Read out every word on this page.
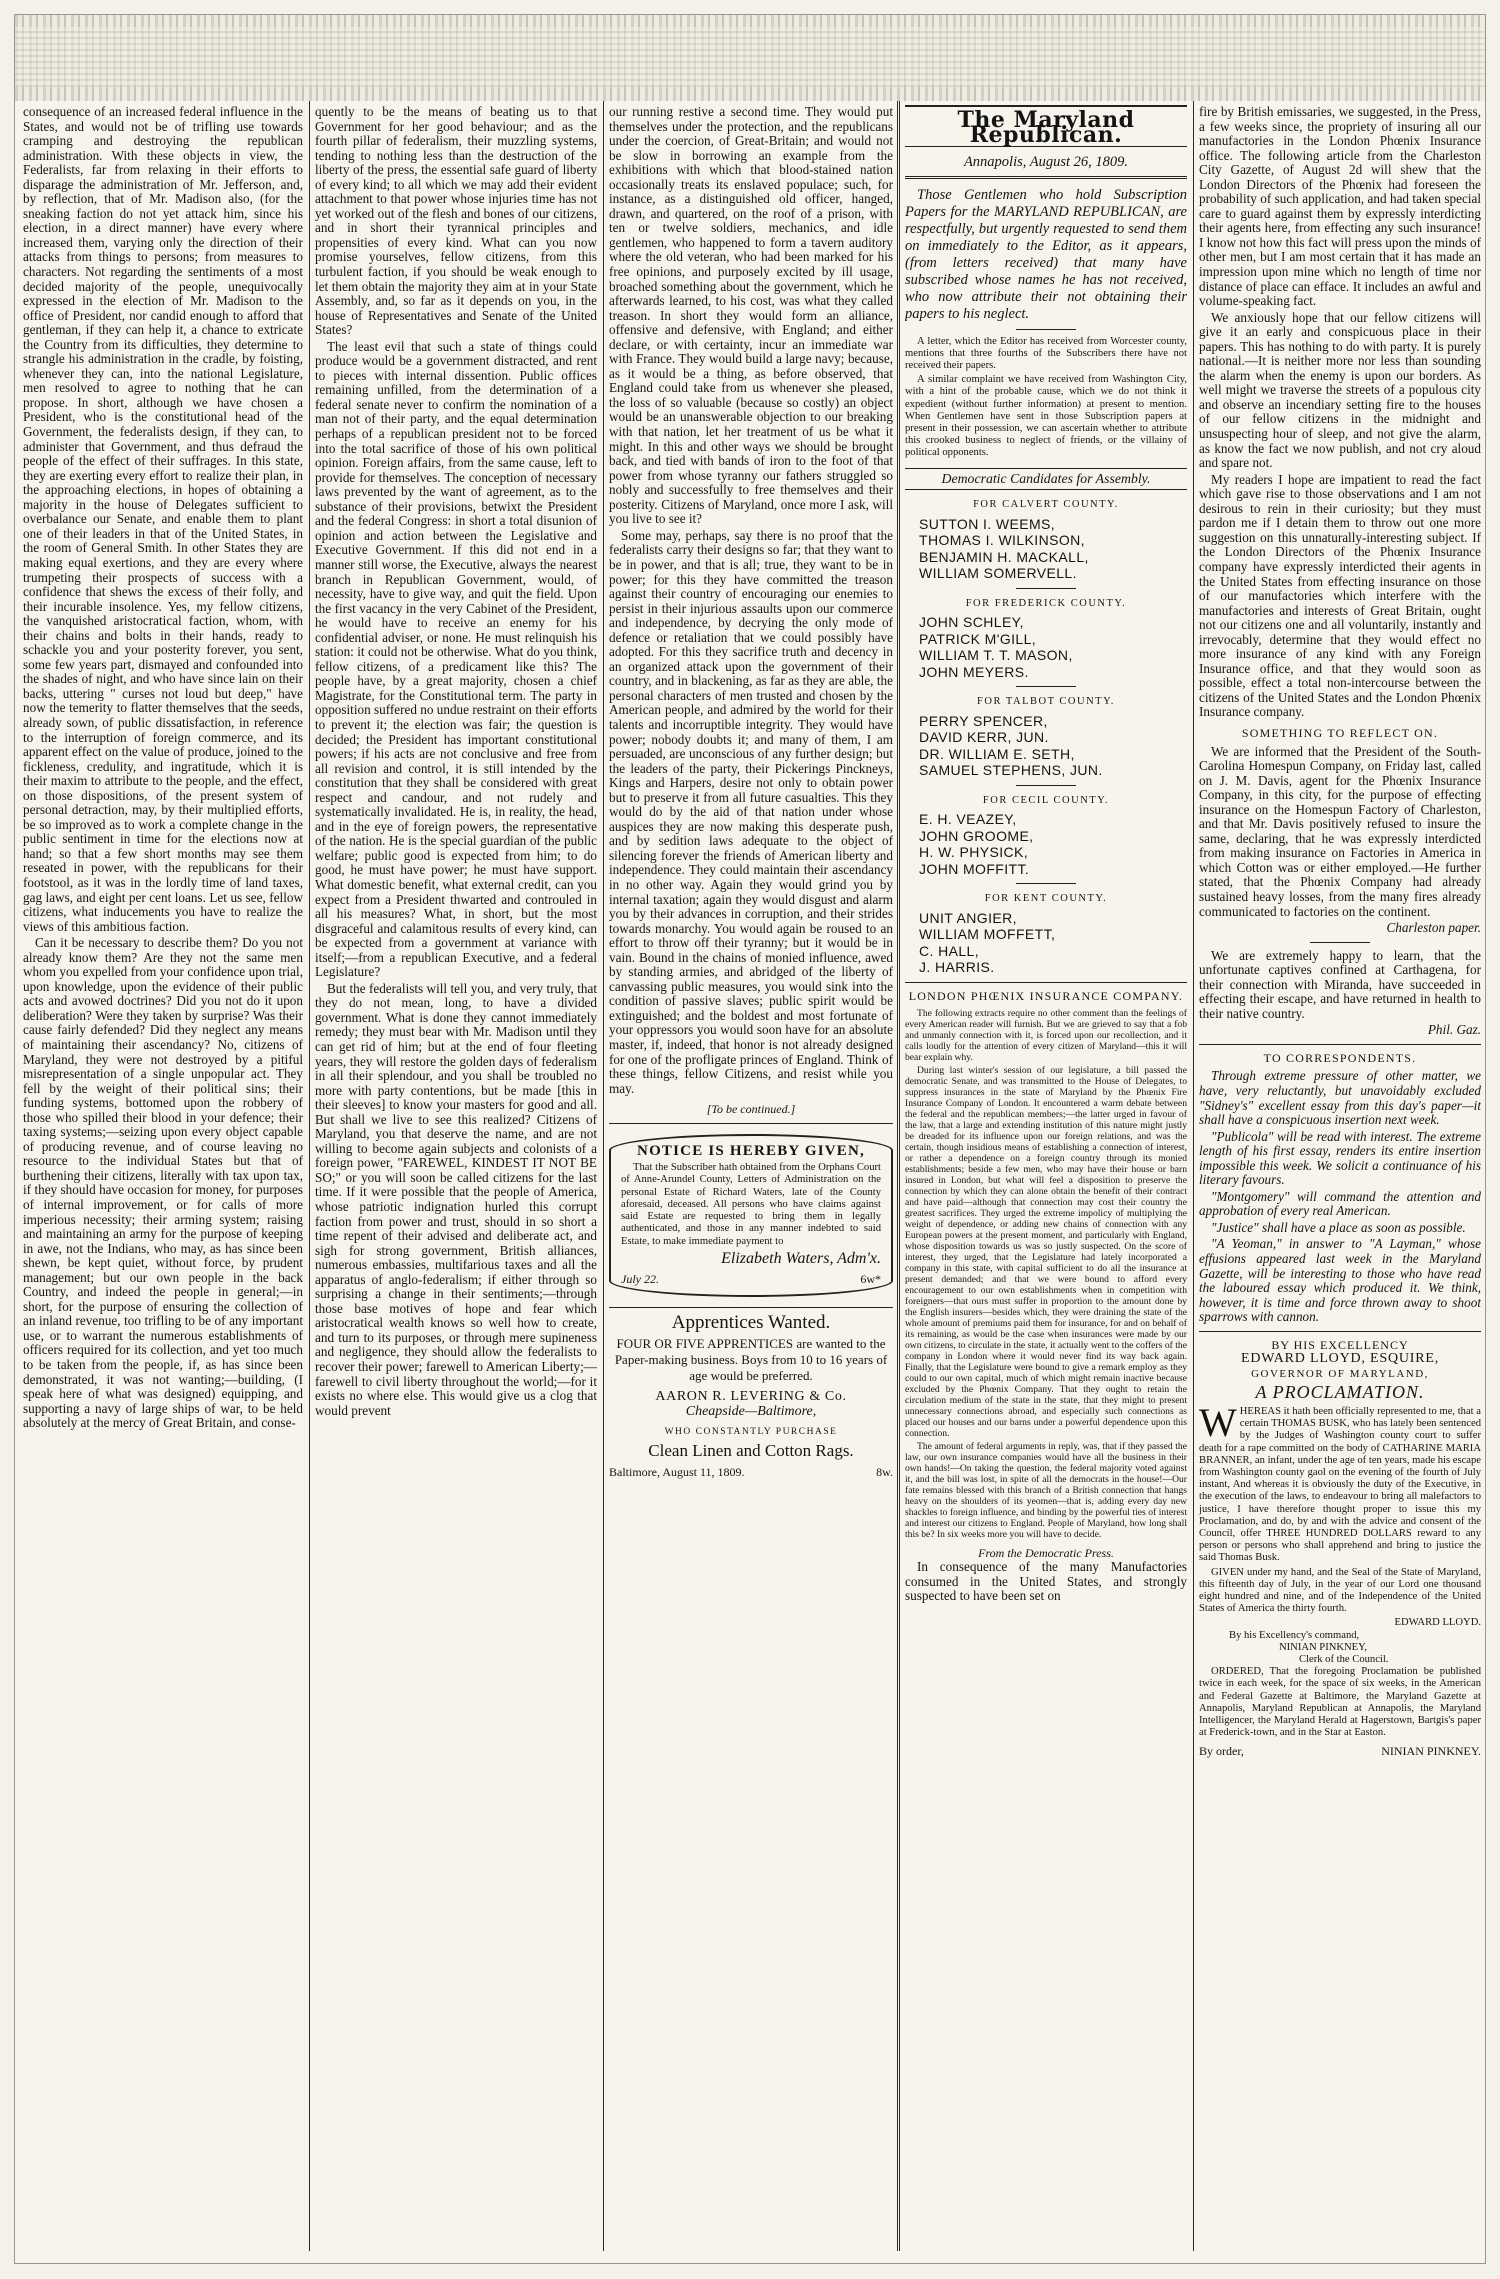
consequence of an increased federal influence in the States, and would not be of trifling use towards cramping and destroying the republican administration. With these objects in view, the Federalists, far from relaxing in their efforts to disparage the administration of Mr. Jefferson, and, by reflection, that of Mr. Madison also, (for the sneaking faction do not yet attack him, since his election, in a direct manner) have every where increased them, varying only the direction of their attacks from things to persons; from measures to characters. Not regarding the sentiments of a most decided majority of the people, unequivocally expressed in the election of Mr. Madison to the office of President, nor candid enough to afford that gentleman, if they can help it, a chance to extricate the Country from its difficulties, they determine to strangle his administration in the cradle, by foisting, whenever they can, into the national Legislature, men resolved to agree to nothing that he can propose. In short, although we have chosen a President, who is the constitutional head of the Government, the federalists design, if they can, to administer that Government, and thus defraud the people of the effect of their suffrages. In this state, they are exerting every effort to realize their plan, in the approaching elections, in hopes of obtaining a majority in the house of Delegates sufficient to overbalance our Senate, and enable them to plant one of their leaders in that of the United States, in the room of General Smith. In other States they are making equal exertions, and they are every where trumpeting their prospects of success with a confidence that shews the excess of their folly, and their incurable insolence. Yes, my fellow citizens, the vanquished aristocratical faction, whom, with their chains and bolts in their hands, ready to schackle you and your posterity forever, you sent, some few years part, dismayed and confounded into the shades of night, and who have since lain on their backs, uttering " curses not loud but deep," have now the temerity to flatter themselves that the seeds, already sown, of public dissatisfaction, in reference to the interruption of foreign commerce, and its apparent effect on the value of produce, joined to the fickleness, credulity, and ingratitude, which it is their maxim to attribute to the people, and the effect, on those dispositions, of the present system of personal detraction, may, by their multiplied efforts, be so improved as to work a complete change in the public sentiment in time for the elections now at hand; so that a few short months may see them reseated in power, with the republicans for their footstool, as it was in the lordly time of land taxes, gag laws, and eight per cent loans. Let us see, fellow citizens, what inducements you have to realize the views of this ambitious faction.

Can it be necessary to describe them? Do you not already know them? Are they not the same men whom you expelled from your confidence upon trial, upon knowledge, upon the evidence of their public acts and avowed doctrines? Did you not do it upon deliberation? Were they taken by surprise? Was their cause fairly defended? Did they neglect any means of maintaining their ascendancy? No, citizens of Maryland, they were not destroyed by a pitiful misrepresentation of a single unpopular act. They fell by the weight of their political sins; their funding systems, bottomed upon the robbery of those who spilled their blood in your defence; their taxing systems;—seizing upon every object capable of producing revenue, and of course leaving no resource to the individual States but that of burthening their citizens, literally with tax upon tax, if they should have occasion for money, for purposes of internal improvement, or for calls of more imperious necessity; their arming system; raising and maintaining an army for the purpose of keeping in awe, not the Indians, who may, as has since been shewn, be kept quiet, without force, by prudent management; but our own people in the back Country, and indeed the people in general;—in short, for the purpose of ensuring the collection of an inland revenue, too trifling to be of any important use, or to warrant the numerous establishments of officers required for its collection, and yet too much to be taken from the people, if, as has since been demonstrated, it was not wanting;—building, (I speak here of what was designed) equipping, and supporting a navy of large ships of war, to be held absolutely at the mercy of Great Britain, and conse-

quently to be the means of beating us to that Government for her good behaviour; and as the fourth pillar of federalism, their muzzling systems, tending to nothing less than the destruction of the liberty of the press, the essential safe guard of liberty of every kind; to all which we may add their evident attachment to that power whose injuries time has not yet worked out of the flesh and bones of our citizens, and in short their tyrannical principles and propensities of every kind. What can you now promise yourselves, fellow citizens, from this turbulent faction, if you should be weak enough to let them obtain the majority they aim at in your State Assembly, and, so far as it depends on you, in the house of Representatives and Senate of the United States?

The least evil that such a state of things could produce would be a government distracted, and rent to pieces with internal dissention. Public offices remaining unfilled, from the determination of a federal senate never to confirm the nomination of a man not of their party, and the equal determination perhaps of a republican president not to be forced into the total sacrifice of those of his own political opinion. Foreign affairs, from the same cause, left to provide for themselves. The conception of necessary laws prevented by the want of agreement, as to the substance of their provisions, betwixt the President and the federal Congress: in short a total disunion of opinion and action between the Legislative and Executive Government. If this did not end in a manner still worse, the Executive, always the nearest branch in Republican Government, would, of necessity, have to give way, and quit the field. Upon the first vacancy in the very Cabinet of the President, he would have to receive an enemy for his confidential adviser, or none. He must relinquish his station: it could not be otherwise. What do you think, fellow citizens, of a predicament like this? The people have, by a great majority, chosen a chief Magistrate, for the Constitutional term. The party in opposition suffered no undue restraint on their efforts to prevent it; the election was fair; the question is decided; the President has important constitutional powers; if his acts are not conclusive and free from all revision and control, it is still intended by the constitution that they shall be considered with great respect and candour, and not rudely and systematically invalidated. He is, in reality, the head, and in the eye of foreign powers, the representative of the nation. He is the special guardian of the public welfare; public good is expected from him; to do good, he must have power; he must have support. What domestic benefit, what external credit, can you expect from a President thwarted and controuled in all his measures? What, in short, but the most disgraceful and calamitous results of every kind, can be expected from a government at variance with itself;—from a republican Executive, and a federal Legislature?

But the federalists will tell you, and very truly, that they do not mean, long, to have a divided government. What is done they cannot immediately remedy; they must bear with Mr. Madison until they can get rid of him; but at the end of four fleeting years, they will restore the golden days of federalism in all their splendour, and you shall be troubled no more with party contentions, but be made [this in their sleeves] to know your masters for good and all. But shall we live to see this realized? Citizens of Maryland, you that deserve the name, and are not willing to become again subjects and colonists of a foreign power, "FAREWEL, KINDEST IT NOT BE SO;" or you will soon be called citizens for the last time. If it were possible that the people of America, whose patriotic indignation hurled this corrupt faction from power and trust, should in so short a time repent of their advised and deliberate act, and sigh for strong government, British alliances, numerous embassies, multifarious taxes and all the apparatus of anglo-federalism; if either through so surprising a change in their sentiments;—through those base motives of hope and fear which aristocratical wealth knows so well how to create, and turn to its purposes, or through mere supineness and negligence, they should allow the federalists to recover their power; farewell to American Liberty;—farewell to civil liberty throughout the world;—for it exists no where else. This would give us a clog that would prevent

our running restive a second time. They would put themselves under the protection, and the republicans under the coercion, of Great-Britain; and would not be slow in borrowing an example from the exhibitions with which that blood-stained nation occasionally treats its enslaved populace; such, for instance, as a distinguished old officer, hanged, drawn, and quartered, on the roof of a prison, with ten or twelve soldiers, mechanics, and idle gentlemen, who happened to form a tavern auditory where the old veteran, who had been marked for his free opinions, and purposely excited by ill usage, broached something about the government, which he afterwards learned, to his cost, was what they called treason. In short they would form an alliance, offensive and defensive, with England; and either declare, or with certainty, incur an immediate war with France. They would build a large navy; because, as it would be a thing, as before observed, that England could take from us whenever she pleased, the loss of so valuable (because so costly) an object would be an unanswerable objection to our breaking with that nation, let her treatment of us be what it might. In this and other ways we should be brought back, and tied with bands of iron to the foot of that power from whose tyranny our fathers struggled so nobly and successfully to free themselves and their posterity. Citizens of Maryland, once more I ask, will you live to see it?

Some may, perhaps, say there is no proof that the federalists carry their designs so far; that they want to be in power, and that is all; true, they want to be in power; for this they have committed the treason against their country of encouraging our enemies to persist in their injurious assaults upon our commerce and independence, by decrying the only mode of defence or retaliation that we could possibly have adopted. For this they sacrifice truth and decency in an organized attack upon the government of their country, and in blackening, as far as they are able, the personal characters of men trusted and chosen by the American people, and admired by the world for their talents and incorruptible integrity. They would have power; nobody doubts it; and many of them, I am persuaded, are unconscious of any further design; but the leaders of the party, their Pickerings Pinckneys, Kings and Harpers, desire not only to obtain power but to preserve it from all future casualties. This they would do by the aid of that nation under whose auspices they are now making this desperate push, and by sedition laws adequate to the object of silencing forever the friends of American liberty and independence. They could maintain their ascendancy in no other way. Again they would grind you by internal taxation; again they would disgust and alarm you by their advances in corruption, and their strides towards monarchy. You would again be roused to an effort to throw off their tyranny; but it would be in vain. Bound in the chains of monied influence, awed by standing armies, and abridged of the liberty of canvassing public measures, you would sink into the condition of passive slaves; public spirit would be extinguished; and the boldest and most fortunate of your oppressors you would soon have for an absolute master, if, indeed, that honor is not already designed for one of the profligate princes of England. Think of these things, fellow Citizens, and resist while you may.

[To be continued.]
NOTICE IS HEREBY GIVEN,

That the Subscriber hath obtained from the Orphans Court of Anne-Arundel County, Letters of Administration on the personal Estate of Richard Waters, late of the County aforesaid, deceased. All persons who have claims against said Estate are requested to bring them in legally authenticated, and those in any manner indebted to said Estate, to make immediate payment to

Elizabeth Waters, Adm'x.
July 22.	6w*
Apprentices Wanted.
FOUR OR FIVE APPRENTICES are wanted to the Paper-making business. Boys from 10 to 16 years of age would be preferred.
AARON R. LEVERING & Co.
Cheapside—Baltimore,
WHO CONSTANTLY PURCHASE
Clean Linen and Cotton Rags.
Baltimore, August 11, 1809.	8w.
The Maryland Republican.
Annapolis, August 26, 1809.

Those Gentlemen who hold Subscription Papers for the MARYLAND REPUBLICAN, are respectfully, but urgently requested to send them on immediately to the Editor, as it appears, (from letters received) that many have subscribed whose names he has not received, who now attribute their not obtaining their papers to his neglect.

A letter, which the Editor has received from Worcester county, mentions that three fourths of the Subscribers there have not received their papers.

A similar complaint we have received from Washington City, with a hint of the probable cause, which we do not think it expedient (without further information) at present to mention. When Gentlemen have sent in those Subscription papers at present in their possession, we can ascertain whether to attribute this crooked business to neglect of friends, or the villainy of political opponents.

Democratic Candidates for Assembly.
FOR CALVERT COUNTY.
SUTTON I. WEEMS,
THOMAS I. WILKINSON,
BENJAMIN H. MACKALL,
WILLIAM SOMERVELL.
FOR FREDERICK COUNTY.
JOHN SCHLEY,
PATRICK M'GILL,
WILLIAM T. T. MASON,
JOHN MEYERS.
FOR TALBOT COUNTY.
PERRY SPENCER,
DAVID KERR, JUN.
DR. WILLIAM E. SETH,
SAMUEL STEPHENS, JUN.
FOR CECIL COUNTY.
E. H. VEAZEY,
JOHN GROOME,
H. W. PHYSICK,
JOHN MOFFITT.
FOR KENT COUNTY.
UNIT ANGIER,
WILLIAM MOFFETT,
C. HALL,
J. HARRIS.
LONDON PHŒNIX INSURANCE COMPANY.

The following extracts require no other comment than the feelings of every American reader will furnish. But we are grieved to say that a fob and unmanly connection with it, is forced upon our recollection, and it calls loudly for the attention of every citizen of Maryland—this it will bear explain why.

During last winter's session of our legislature, a bill passed the democratic Senate, and was transmitted to the House of Delegates, to suppress insurances in the state of Maryland by the Phœnix Fire Insurance Company of London. It encountered a warm debate between the federal and the republican members;—the latter urged in favour of the law, that a large and extending institution of this nature might justly be dreaded for its influence upon our foreign relations, and was the certain, though insidious means of establishing a connection of interest, or rather a dependence on a foreign country through its monied establishments; beside a few men, who may have their house or barn insured in London, but what will feel a disposition to preserve the connection by which they can alone obtain the benefit of their contract and have paid—although that connection may cost their country the greatest sacrifices. They urged the extreme impolicy of multiplying the weight of dependence, or adding new chains of connection with any European powers at the present moment, and particularly with England, whose disposition towards us was so justly suspected. On the score of interest, they urged, that the Legislature had lately incorporated a company in this state, with capital sufficient to do all the insurance at present demanded; and that we were bound to afford every encouragement to our own establishments when in competition with foreigners—that ours must suffer in proportion to the amount done by the English insurers—besides which, they were draining the state of the whole amount of premiums paid them for insurance, for and on behalf of its remaining, as would be the case when insurances were made by our own citizens, to circulate in the state, it actually went to the coffers of the company in London where it would never find its way back again. Finally, that the Legislature were bound to give a remark employ as they could to our own capital, much of which might remain inactive because excluded by the Phœnix Company. That they ought to retain the circulation medium of the state in the state, that they might to present unnecessary connections abroad, and especially such connections as placed our houses and our barns under a powerful dependence upon this connection.

The amount of federal arguments in reply, was, that if they passed the law, our own insurance companies would have all the business in their own hands!—On taking the question, the federal majority voted against it, and the bill was lost, in spite of all the democrats in the house!—Our fate remains blessed with this branch of a British connection that hangs heavy on the shoulders of its yeomen—that is, adding every day new shackles to foreign influence, and binding by the powerful ties of interest and interest our citizens to England. People of Maryland, how long shall this be? In six weeks more you will have to decide.

From the Democratic Press.

In consequence of the many Manufactories consumed in the United States, and strongly suspected to have been set on

fire by British emissaries, we suggested, in the Press, a few weeks since, the propriety of insuring all our manufactories in the London Phœnix Insurance office. The following article from the Charleston City Gazette, of August 2d will shew that the London Directors of the Phœnix had foreseen the probability of such application, and had taken special care to guard against them by expressly interdicting their agents here, from effecting any such insurance! I know not how this fact will press upon the minds of other men, but I am most certain that it has made an impression upon mine which no length of time nor distance of place can efface. It includes an awful and volume-speaking fact.

We anxiously hope that our fellow citizens will give it an early and conspicuous place in their papers. This has nothing to do with party. It is purely national.—It is neither more nor less than sounding the alarm when the enemy is upon our borders. As well might we traverse the streets of a populous city and observe an incendiary setting fire to the houses of our fellow citizens in the midnight and unsuspecting hour of sleep, and not give the alarm, as know the fact we now publish, and not cry aloud and spare not.

My readers I hope are impatient to read the fact which gave rise to those observations and I am not desirous to rein in their curiosity; but they must pardon me if I detain them to throw out one more suggestion on this unnaturally-interesting subject. If the London Directors of the Phœnix Insurance company have expressly interdicted their agents in the United States from effecting insurance on those of our manufactories which interfere with the manufactories and interests of Great Britain, ought not our citizens one and all voluntarily, instantly and irrevocably, determine that they would effect no more insurance of any kind with any Foreign Insurance office, and that they would soon as possible, effect a total non-intercourse between the citizens of the United States and the London Phœnix Insurance company.

SOMETHING TO REFLECT ON.

We are informed that the President of the South-Carolina Homespun Company, on Friday last, called on J. M. Davis, agent for the Phœnix Insurance Company, in this city, for the purpose of effecting insurance on the Homespun Factory of Charleston, and that Mr. Davis positively refused to insure the same, declaring, that he was expressly interdicted from making insurance on Factories in America in which Cotton was or either employed.—He further stated, that the Phœnix Company had already sustained heavy losses, from the many fires already communicated to factories on the continent.

Charleston paper.

We are extremely happy to learn, that the unfortunate captives confined at Carthagena, for their connection with Miranda, have succeeded in effecting their escape, and have returned in health to their native country.

Phil. Gaz.
TO CORRESPONDENTS.

Through extreme pressure of other matter, we have, very reluctantly, but unavoidably excluded "Sidney's" excellent essay from this day's paper—it shall have a conspicuous insertion next week.

"Publicola" will be read with interest. The extreme length of his first essay, renders its entire insertion impossible this week. We solicit a continuance of his literary favours.

"Montgomery" will command the attention and approbation of every real American.

"Justice" shall have a place as soon as possible.

"A Yeoman," in answer to "A Layman," whose effusions appeared last week in the Maryland Gazette, will be interesting to those who have read the laboured essay which produced it. We think, however, it is time and force thrown away to shoot sparrows with cannon.

BY HIS EXCELLENCY
EDWARD LLOYD, ESQUIRE,
GOVERNOR OF MARYLAND,
A PROCLAMATION.

WHEREAS it hath been officially represented to me, that a certain THOMAS BUSK, who has lately been sentenced by the Judges of Washington county court to suffer death for a rape committed on the body of CATHARINE MARIA BRANNER, an infant, under the age of ten years, made his escape from Washington county gaol on the evening of the fourth of July instant, And whereas it is obviously the duty of the Executive, in the execution of the laws, to endeavour to bring all malefactors to justice, I have therefore thought proper to issue this my Proclamation, and do, by and with the advice and consent of the Council, offer THREE HUNDRED DOLLARS reward to any person or persons who shall apprehend and bring to justice the said Thomas Busk.

GIVEN under my hand, and the Seal of the State of Maryland, this fifteenth day of July, in the year of our Lord one thousand eight hundred and nine, and of the Independence of the United States of America the thirty fourth.

EDWARD LLOYD.
By his Excellency's command,
NINIAN PINKNEY,
Clerk of the Council.

ORDERED, That the foregoing Proclamation be published twice in each week, for the space of six weeks, in the American and Federal Gazette at Baltimore, the Maryland Gazette at Annapolis, Maryland Republican at Annapolis, the Maryland Intelligencer, the Maryland Herald at Hagerstown, Bartgis's paper at Frederick-town, and in the Star at Easton.

By order,	NINIAN PINKNEY.
